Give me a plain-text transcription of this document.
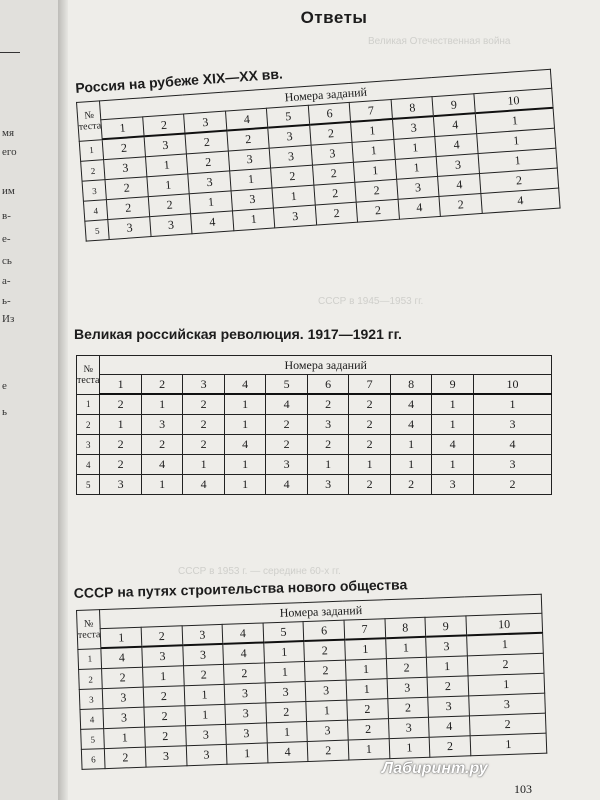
мя
его
им
в-
е-
сь
а-
ь-
Из
е
ь
Великая Отечественная война
СССР в 1945—1953 гг.
СССР в 1953 г. — середине 60-х гг.
Ответы
Россия на рубеже XIX—XX вв.
№ теста	Номера заданий									
	1	2	3	4	5	6	7	8	9	10
1	2	3	2	2	3	2	1	3	4	1
2	3	1	2	3	3	3	1	1	4	1
3	2	1	3	1	2	2	1	1	3	1
4	2	2	1	3	1	2	2	3	4	2
5	3	3	4	1	3	2	2	4	2	4
Великая российская революция. 1917—1921 гг.
№ теста	Номера заданий									
	1	2	3	4	5	6	7	8	9	10
1	2	1	2	1	4	2	2	4	1	1
2	1	3	2	1	2	3	2	4	1	3
3	2	2	2	4	2	2	2	1	4	4
4	2	4	1	1	3	1	1	1	1	3
5	3	1	4	1	4	3	2	2	3	2
СССР на путях строительства нового общества
№ теста	Номера заданий									
	1	2	3	4	5	6	7	8	9	10
1	4	3	3	4	1	2	1	1	3	1
2	2	1	2	2	1	2	1	2	1	2
3	3	2	1	3	3	3	1	3	2	1
4	3	2	1	3	2	1	2	2	3	3
5	1	2	3	3	1	3	2	3	4	2
6	2	3	3	1	4	2	1	1	2	1
103
Лабиринт.ру
